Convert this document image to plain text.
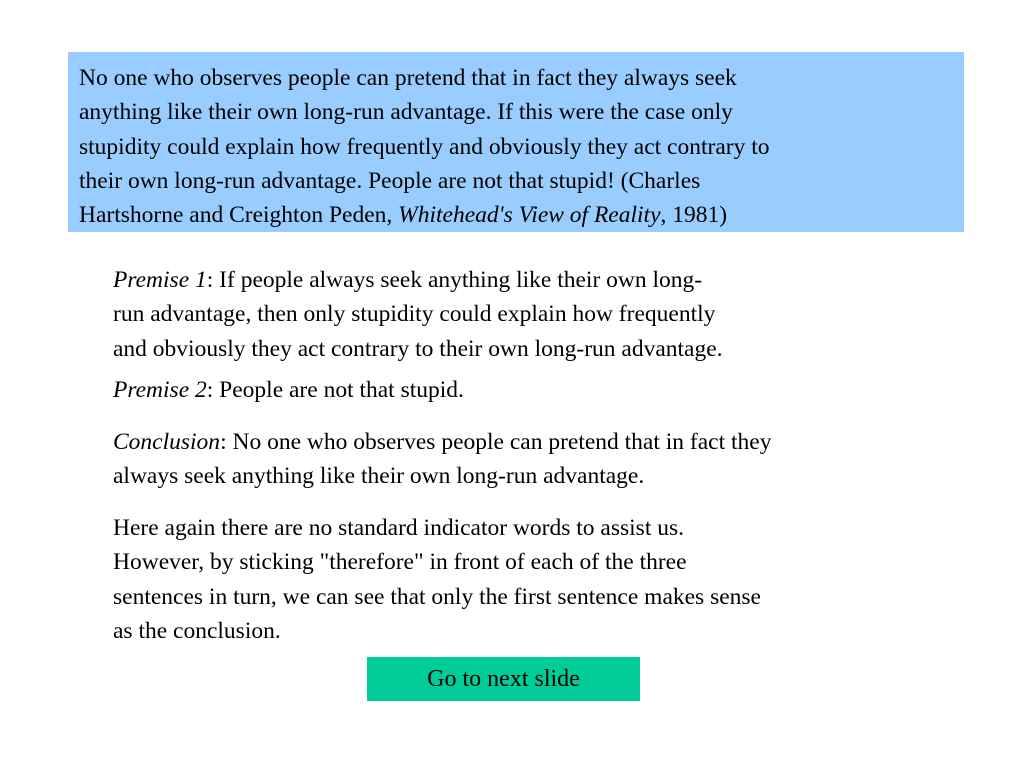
No one who observes people can pretend that in fact they always seek
anything like their own long-run advantage. If this were the case only
stupidity could explain how frequently and obviously they act contrary to
their own long-run advantage. People are not that stupid! (Charles
Hartshorne and Creighton Peden, Whitehead's View of Reality, 1981)
Premise 1: If people always seek anything like their own long-
run advantage, then only stupidity could explain how frequently
and obviously they act contrary to their own long-run advantage.
Premise 2: People are not that stupid.
Conclusion: No one who observes people can pretend that in fact they
always seek anything like their own long-run advantage.
Here again there are no standard indicator words to assist us.
However, by sticking "therefore" in front of each of the three
sentences in turn, we can see that only the first sentence makes sense
as the conclusion.
Go to next slide
